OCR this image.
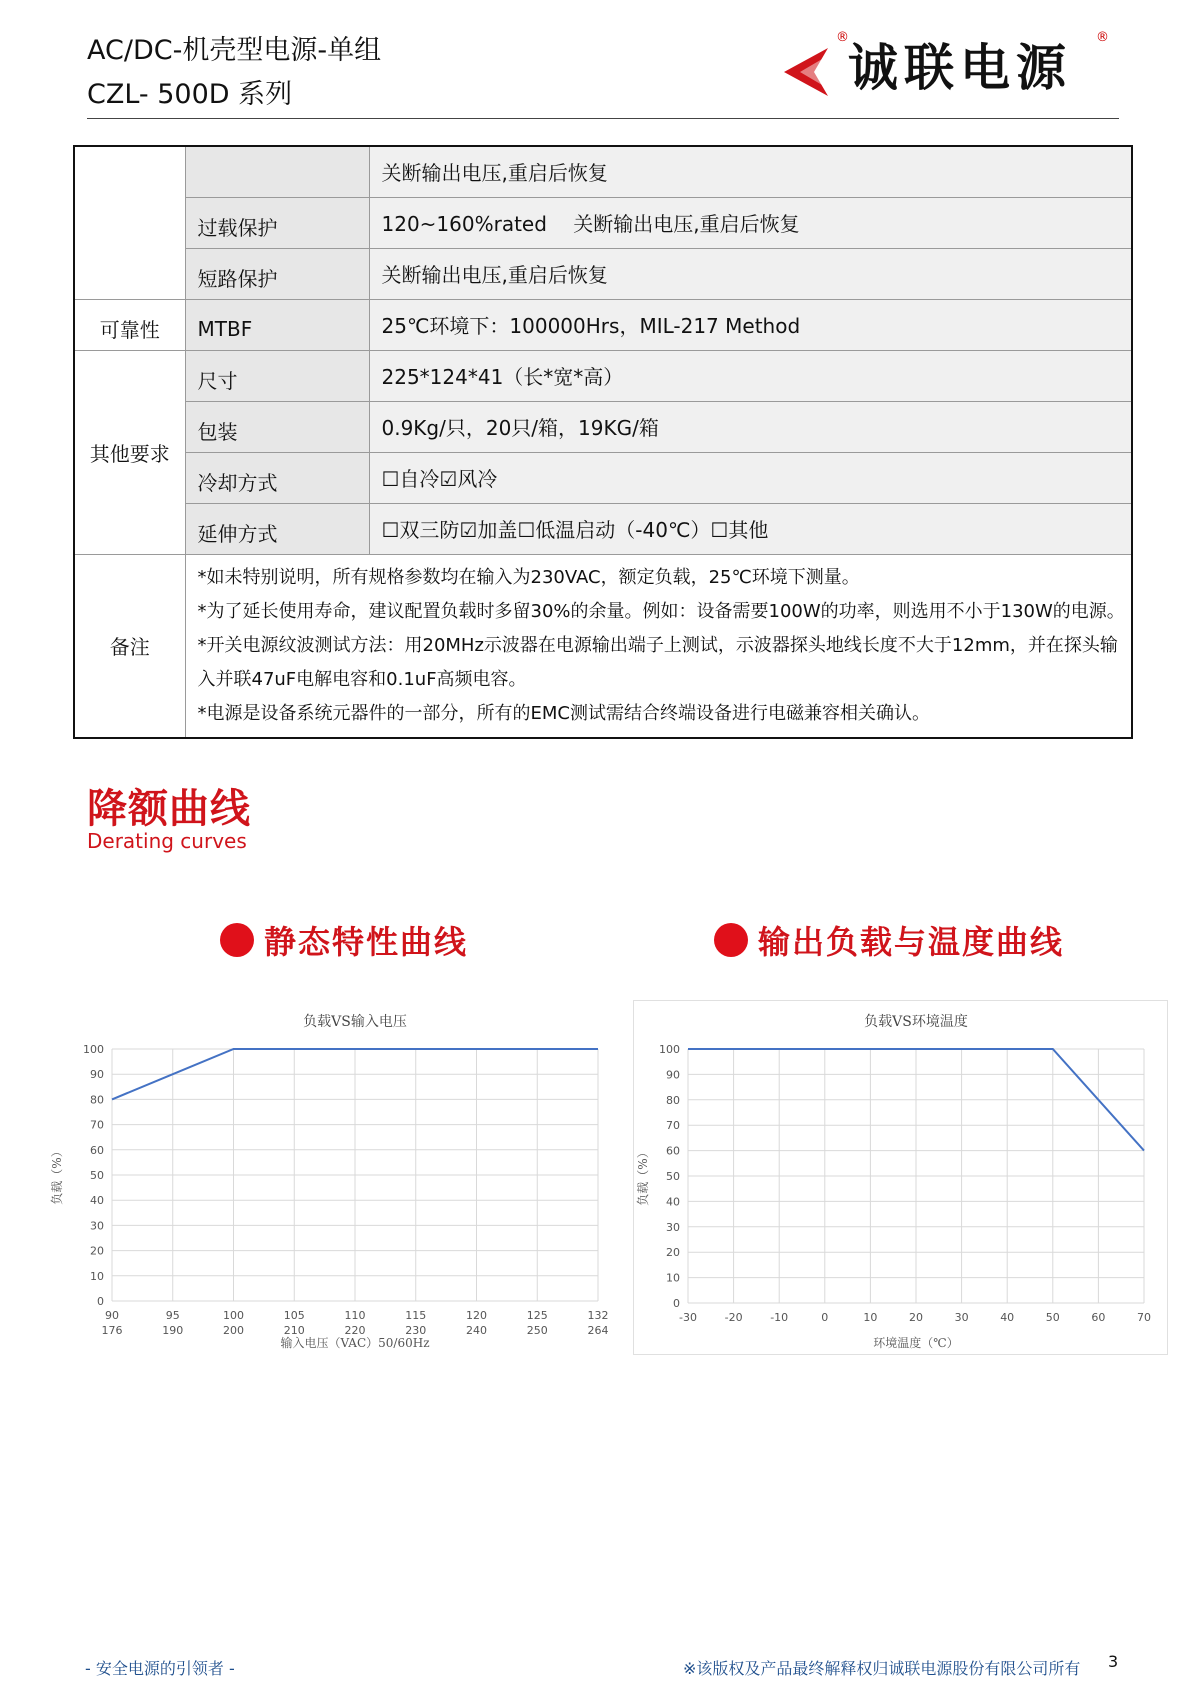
AC/DC-机壳型电源-单组
CZL- 500D 系列
®
诚联电源
®
		关断输出电压,重启后恢复
	过载保护	120~160%rated　 关断输出电压,重启后恢复
	短路保护	关断输出电压,重启后恢复
可靠性	MTBF	25℃环境下：100000Hrs，MIL-217 Method
其他要求	尺寸	225*124*41（长*宽*高）
	包装	0.9Kg/只，20只/箱，19KG/箱
	冷却方式	☐自冷☑风冷
	延伸方式	☐双三防☑加盖☐低温启动（-40℃）☐其他
备注	*如未特别说明，所有规格参数均在输入为230VAC，额定负载，25℃环境下测量。
*为了延长使用寿命，建议配置负载时多留30%的余量。例如：设备需要100W的功率，则选用不小于130W的电源。
*开关电源纹波测试方法：用20MHz示波器在电源输出端子上测试，示波器探头地线长度不大于12mm，并在探头输
入并联47uF电解电容和0.1uF高频电容。
*电源是设备系统元器件的一部分，所有的EMC测试需结合终端设备进行电磁兼容相关确认。	
降额曲线
Derating curves
静态特性曲线	输出负载与温度曲线
负载VS输入电压
0
10
20
30
40
50
60
70
80
90
100
90
176
95
190
100
200
105
210
110
220
115
230
120
240
125
250
132
264
输入电压（VAC）50/60Hz
负载（%）
负载VS环境温度
0
10
20
30
40
50
60
70
80
90
100
-30	-20	-10	0	10	20	30	40	50	60	70
环境温度（℃）
负载（%）
- 安全电源的引领者 -	※该版权及产品最终解释权归诚联电源股份有限公司所有 3
